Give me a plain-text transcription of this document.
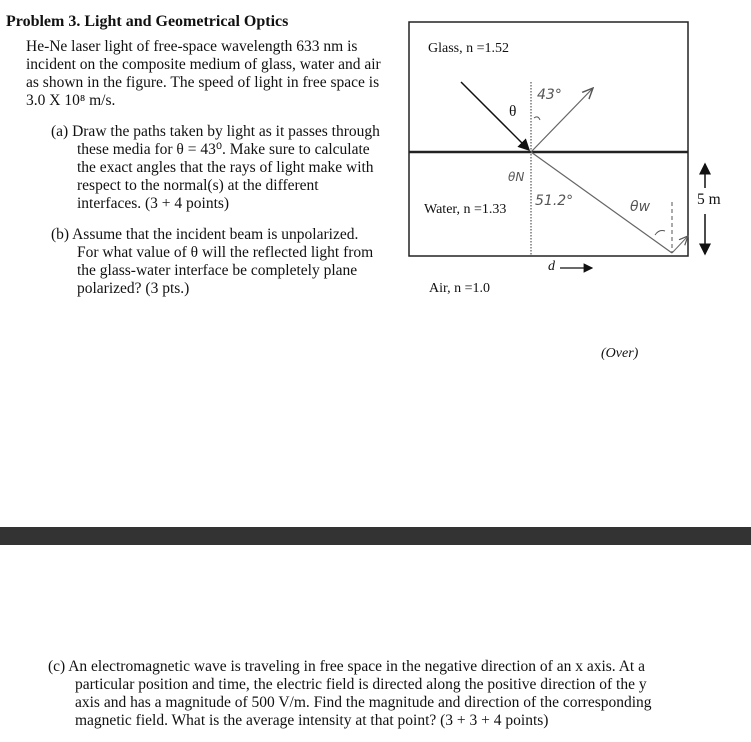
Problem 3. Light and Geometrical Optics
He-Ne laser light of free-space wavelength 633 nm is
incident on the composite medium of glass, water and air
as shown in the figure. The speed of light in free space is
3.0 X 10⁸ m/s.
(a) Draw the paths taken by light as it passes through
these media for θ = 43⁰. Make sure to calculate
the exact angles that the rays of light make with
respect to the normal(s) at the different
interfaces. (3 + 4 points)
(b) Assume that the incident beam is unpolarized.
For what value of θ will the reflected light from
the glass-water interface be completely plane
polarized? (3 pts.)
Glass, n =1.52
Water, n =1.33
Air, n =1.0
θ
d
5 m
43°
θN
51.2°	θw
(Over)
(c) An electromagnetic wave is traveling in free space in the negative direction of an x axis. At a
particular position and time, the electric field is directed along the positive direction of the y
axis and has a magnitude of 500 V/m. Find the magnitude and direction of the corresponding
magnetic field. What is the average intensity at that point? (3 + 3 + 4 points)
